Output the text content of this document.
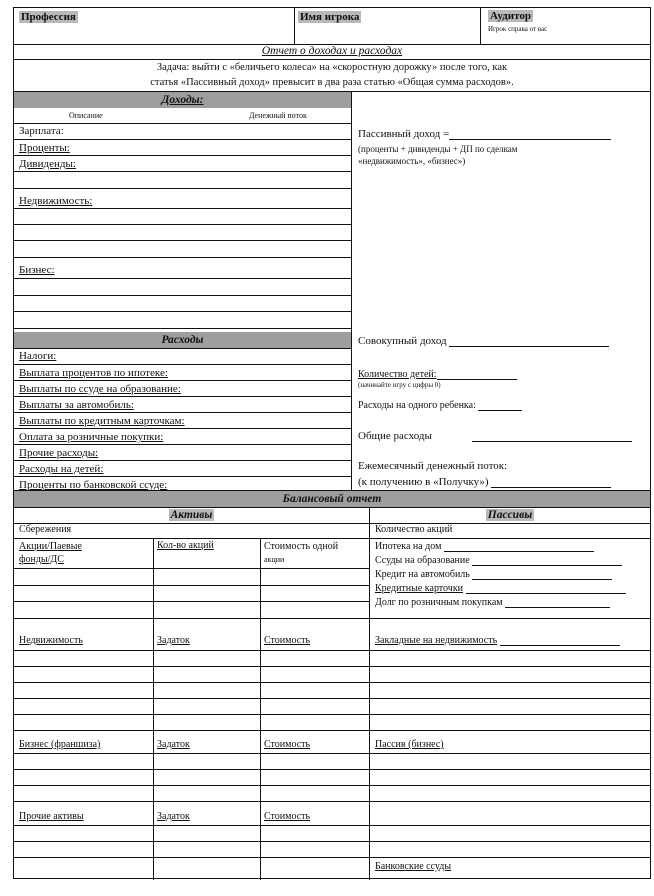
Профессия	Имя игрока	Аудитор
Игрок справа от вас
Отчет о доходах и расходах
Задача: выйти с «беличьего колеса» на «скоростную дорожку» после того, как
статья «Пассивный доход» превысит в два раза статью «Общая сумма расходов».
Доходы:
Описание	Денежный поток
Зарплата:
Проценты:
Дивиденды:
Недвижимость:
Бизнес:
Расходы
Налоги:
Выплата процентов по ипотеке:
Выплаты по ссуде на образование:
Выплаты за автомобиль:
Выплаты по кредитным карточкам:
Оплата за розничные покупки:
Прочие расходы:
Расходы на детей:
Проценты по банковской ссуде:
Пассивный доход =
(проценты + дивиденды + ДП по сделкам
«недвижимость», «бизнес»)
Совокупный доход
Количество детей:
(начинайте игру с цифры 0)
Расходы на одного ребенка:
Общие расходы
Ежемесячный денежный поток:
(к получению в «Получку»)
Балансовый отчет
Активы	Пассивы
Сбережения
Акции/Паевые
фонды/ДС
Кол-во акций	Стоимость одной
акции
Недвижимость	Задаток	Стоимость
Бизнес (франшиза)	Задаток	Стоимость
Прочие активы	Задаток	Стоимость
Количество акций
Ипотека на дом
Ссуды на образование
Кредит на автомобиль
Кредитные карточки
Долг по розничным покупкам
Закладные на недвижимость
Пассив (бизнес)
Банковские ссуды
